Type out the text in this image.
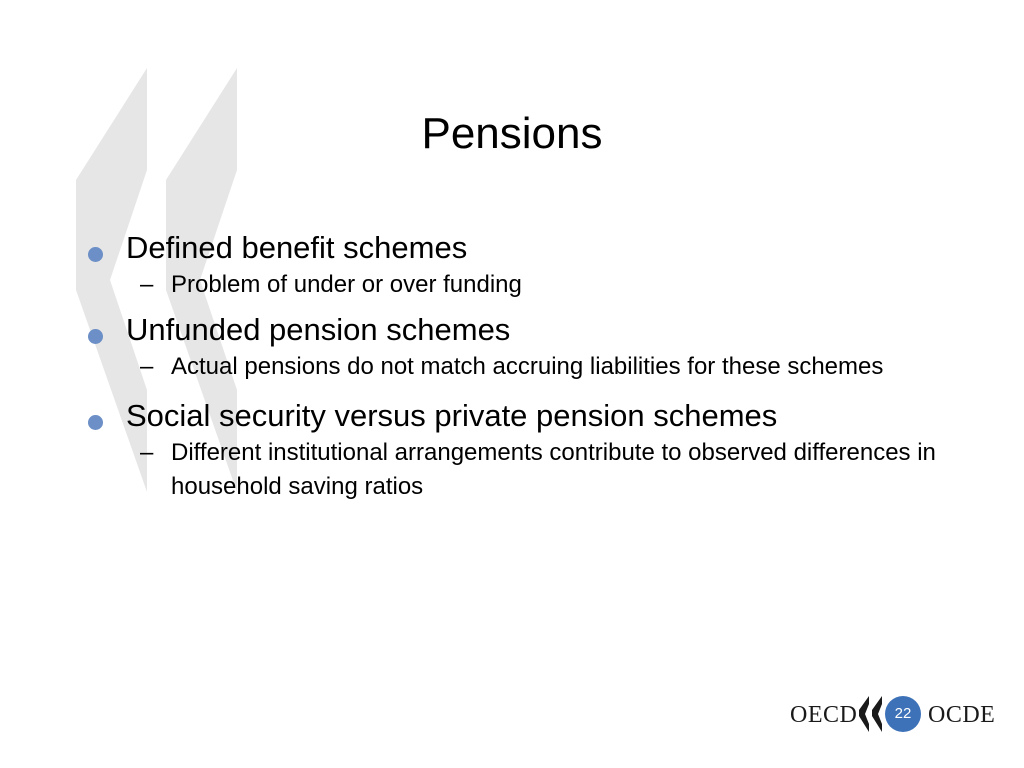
Pensions
Defined benefit schemes
– Problem of under or over funding
Unfunded pension schemes
– Actual pensions do not match accruing liabilities for these schemes
Social security versus private pension schemes
– Different institutional arrangements contribute to observed differences in household saving ratios
OECD	22 OCDE
